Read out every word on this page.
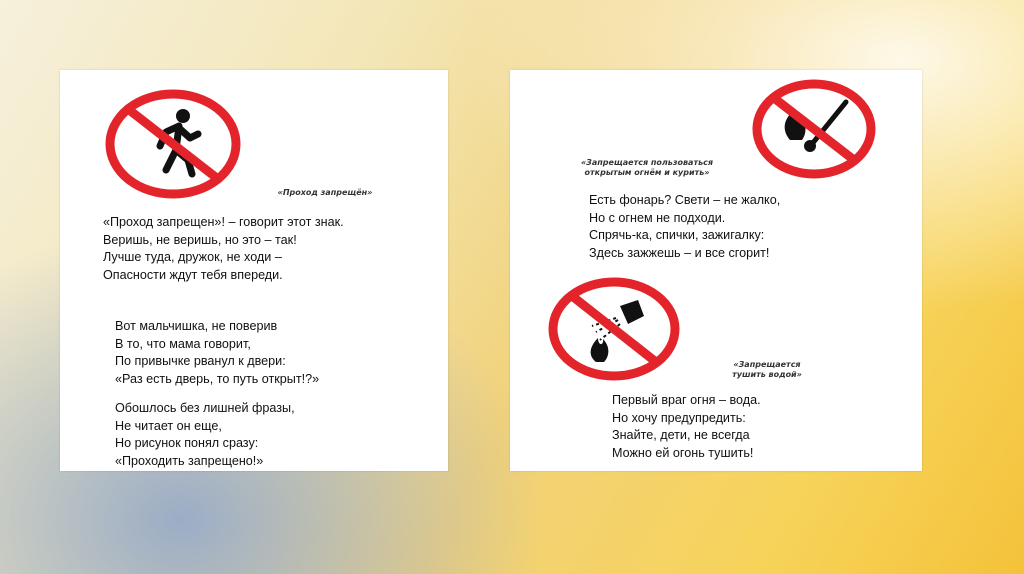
«Проход запрещён»
«Проход запрещен»! – говорит этот знак.
Веришь, не веришь, но это – так!
Лучше туда, дружок, не ходи –
Опасности ждут тебя впереди.
Вот мальчишка, не поверив
В то, что мама говорит,
По привычке рванул к двери:
«Раз есть дверь, то путь открыт!?»
Обошлось без лишней фразы,
Не читает он еще,
Но рисунок понял сразу:
«Проходить запрещено!»
«Запрещается пользоваться
открытым огнём и курить»
Есть фонарь? Свети – не жалко,
Но с огнем не подходи.
Спрячь-ка, спички, зажигалку:
Здесь зажжешь – и все сгорит!
«Запрещается
тушить водой»
Первый враг огня – вода.
Но хочу предупредить:
Знайте, дети, не всегда
Можно ей огонь тушить!
